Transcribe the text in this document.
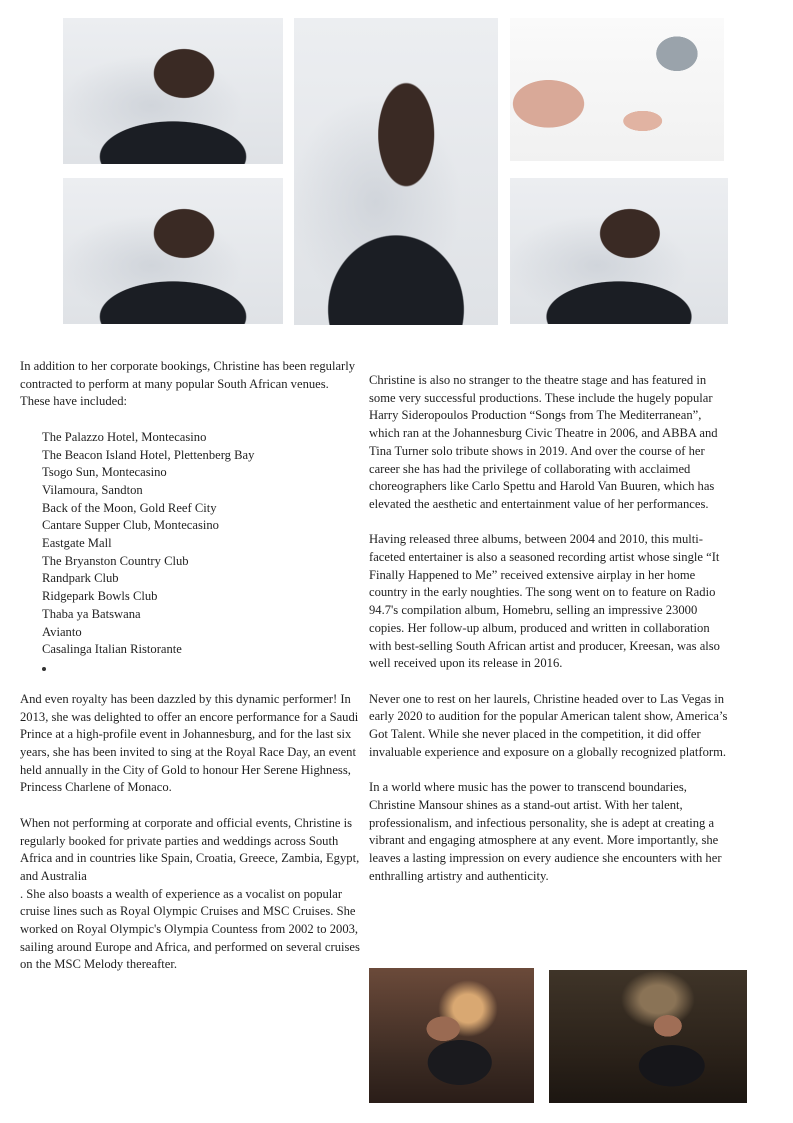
In addition to her corporate bookings, Christine has been regularly contracted to perform at many popular South African venues. These have included:

The Palazzo Hotel, Montecasino
The Beacon Island Hotel, Plettenberg Bay
Tsogo Sun, Montecasino
Vilamoura, Sandton
Back of the Moon, Gold Reef City
Cantare Supper Club, Montecasino
Eastgate Mall
The Bryanston Country Club
Randpark Club
Ridgepark Bowls Club
Thaba ya Batswana
Avianto
Casalinga Italian Ristorante

And even royalty has been dazzled by this dynamic performer! In 2013, she was delighted to offer an encore performance for a Saudi Prince at a high-profile event in Johannesburg, and for the last six years, she has been invited to sing at the Royal Race Day, an event held annually in the City of Gold to honour Her Serene Highness, Princess Charlene of Monaco.

When not performing at corporate and official events, Christine is regularly booked for private parties and weddings across South Africa and in countries like Spain, Croatia, Greece, Zambia, Egypt, and Australia

. She also boasts a wealth of experience as a vocalist on popular cruise lines such as Royal Olympic Cruises and MSC Cruises. She worked on Royal Olympic's Olympia Countess from 2002 to 2003, sailing around Europe and Africa, and performed on several cruises on the MSC Melody thereafter.

Christine is also no stranger to the theatre stage and has featured in some very successful productions. These include the hugely popular Harry Sideropoulos Production “Songs from The Mediterranean”, which ran at the Johannesburg Civic Theatre in 2006, and ABBA and Tina Turner solo tribute shows in 2019. And over the course of her career she has had the privilege of collaborating with acclaimed choreographers like Carlo Spettu and Harold Van Buuren, which has elevated the aesthetic and entertainment value of her performances.

Having released three albums, between 2004 and 2010, this multi-faceted entertainer is also a seasoned recording artist whose single “It Finally Happened to Me” received extensive airplay in her home country in the early noughties. The song went on to feature on Radio 94.7's compilation album, Homebru, selling an impressive 23000 copies. Her follow-up album, produced and written in collaboration with best-selling South African artist and producer, Kreesan, was also well received upon its release in 2016.

Never one to rest on her laurels, Christine headed over to Las Vegas in early 2020 to audition for the popular American talent show, America’s Got Talent. While she never placed in the competition, it did offer invaluable experience and exposure on a globally recognized platform.

In a world where music has the power to transcend boundaries, Christine Mansour shines as a stand-out artist. With her talent, professionalism, and infectious personality, she is adept at creating a vibrant and engaging atmosphere at any event. More importantly, she leaves a lasting impression on every audience she encounters with her enthralling artistry and authenticity.
